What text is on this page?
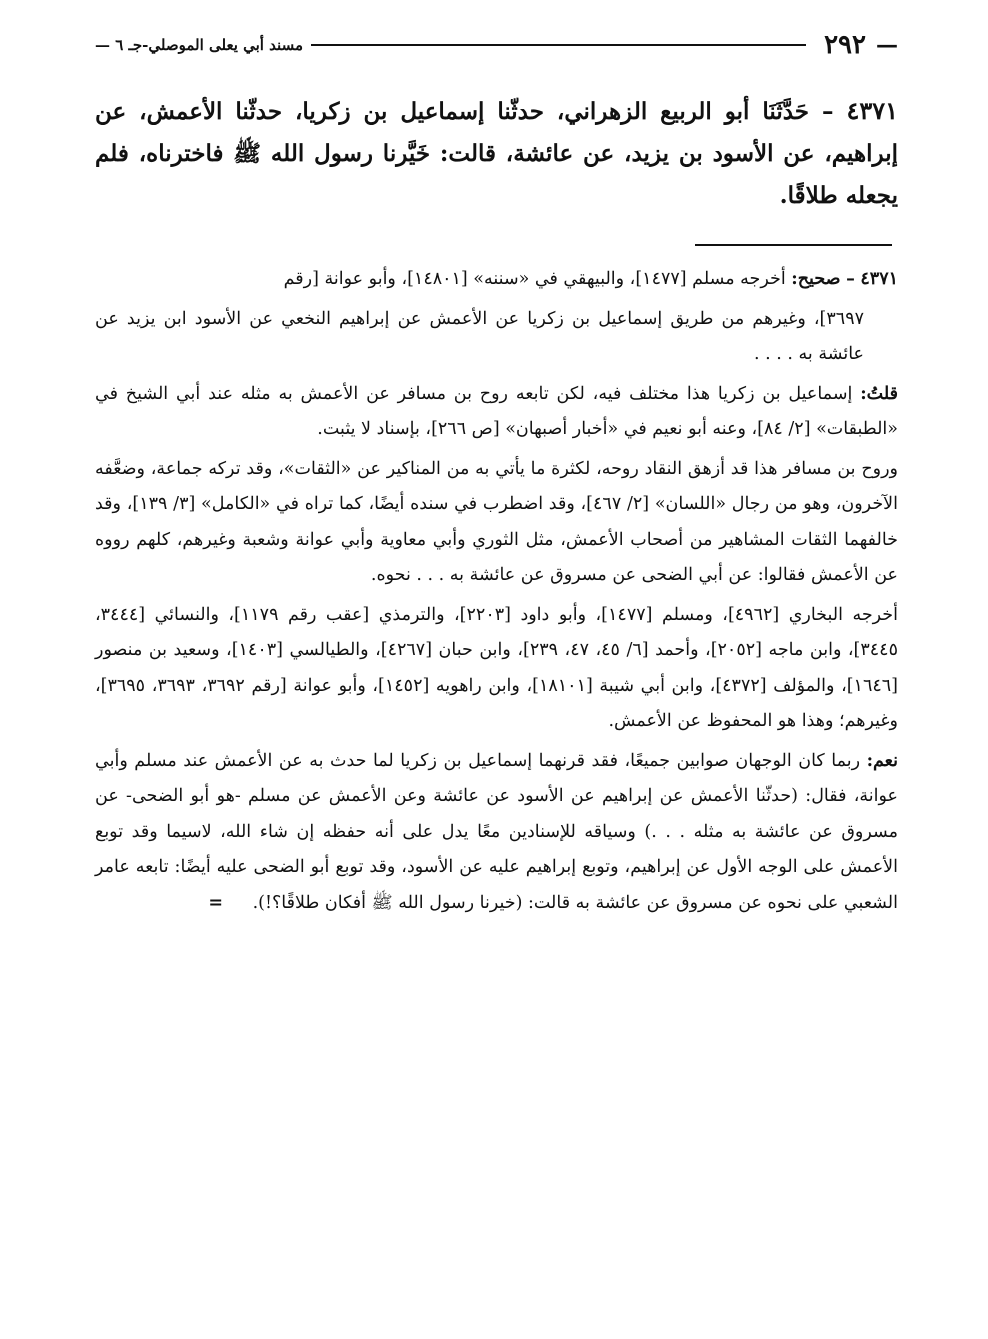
—
٢٩٢
مسند أبي يعلى الموصلي-جـ ٦ —
٤٣٧١ – حَدَّثَنَا أبو الربيع الزهراني، حدثّنا إسماعيل بن زكريا، حدثّنا الأعمش، عن إبراهيم، عن الأسود بن يزيد، عن عائشة، قالت: خَيَّرنا رسول الله ﷺ فاخترناه، فلم يجعله طلاقًا.

٤٣٧١ – صحيح: أخرجه مسلم [١٤٧٧]، والبيهقي في «سننه» [١٤٨٠١]، وأبو عوانة [رقم

٣٦٩٧]، وغيرهم من طريق إسماعيل بن زكريا عن الأعمش عن إبراهيم النخعي عن الأسود ابن يزيد عن عائشة به . . . .

قلتُ: إسماعيل بن زكريا هذا مختلف فيه، لكن تابعه روح بن مسافر عن الأعمش به مثله عند أبي الشيخ في «الطبقات» [٢/ ٨٤]، وعنه أبو نعيم في «أخبار أصبهان» [ص ٢٦٦]، بإسناد لا يثبت.

وروح بن مسافر هذا قد أزهق النقاد روحه، لكثرة ما يأتي به من المناكير عن «الثقات»، وقد تركه جماعة، وضعَّفه الآخرون، وهو من رجال «اللسان» [٢/ ٤٦٧]، وقد اضطرب في سنده أيضًا، كما تراه في «الكامل» [٣/ ١٣٩]، وقد خالفهما الثقات المشاهير من أصحاب الأعمش، مثل الثوري وأبي معاوية وأبي عوانة وشعبة وغيرهم، كلهم رووه عن الأعمش فقالوا: عن أبي الضحى عن مسروق عن عائشة به . . . نحوه.

أخرجه البخاري [٤٩٦٢]، ومسلم [١٤٧٧]، وأبو داود [٢٢٠٣]، والترمذي [عقب رقم ١١٧٩]، والنسائي [٣٤٤٤، ٣٤٤٥]، وابن ماجه [٢٠٥٢]، وأحمد [٦/ ٤٥، ٤٧، ٢٣٩]، وابن حبان [٤٢٦٧]، والطيالسي [١٤٠٣]، وسعيد بن منصور [١٦٤٦]، والمؤلف [٤٣٧٢]، وابن أبي شيبة [١٨١٠١]، وابن راهويه [١٤٥٢]، وأبو عوانة [رقم ٣٦٩٢، ٣٦٩٣، ٣٦٩٥]، وغيرهم؛ وهذا هو المحفوظ عن الأعمش.

نعم: ربما كان الوجهان صوابين جميعًا، فقد قرنهما إسماعيل بن زكريا لما حدث به عن الأعمش عند مسلم وأبي عوانة، فقال: (حدثّنا الأعمش عن إبراهيم عن الأسود عن عائشة وعن الأعمش عن مسلم -هو أبو الضحى- عن مسروق عن عائشة به مثله . . .) وسياقه للإسنادين معًا يدل على أنه حفظه إن شاء الله، لاسيما وقد توبع الأعمش على الوجه الأول عن إبراهيم، وتوبع إبراهيم عليه عن الأسود، وقد توبع أبو الضحى عليه أيضًا: تابعه عامر الشعبي على نحوه عن مسروق عن عائشة به قالت: (خيرنا رسول الله ﷺ أفكان طلاقًا؟!). =
